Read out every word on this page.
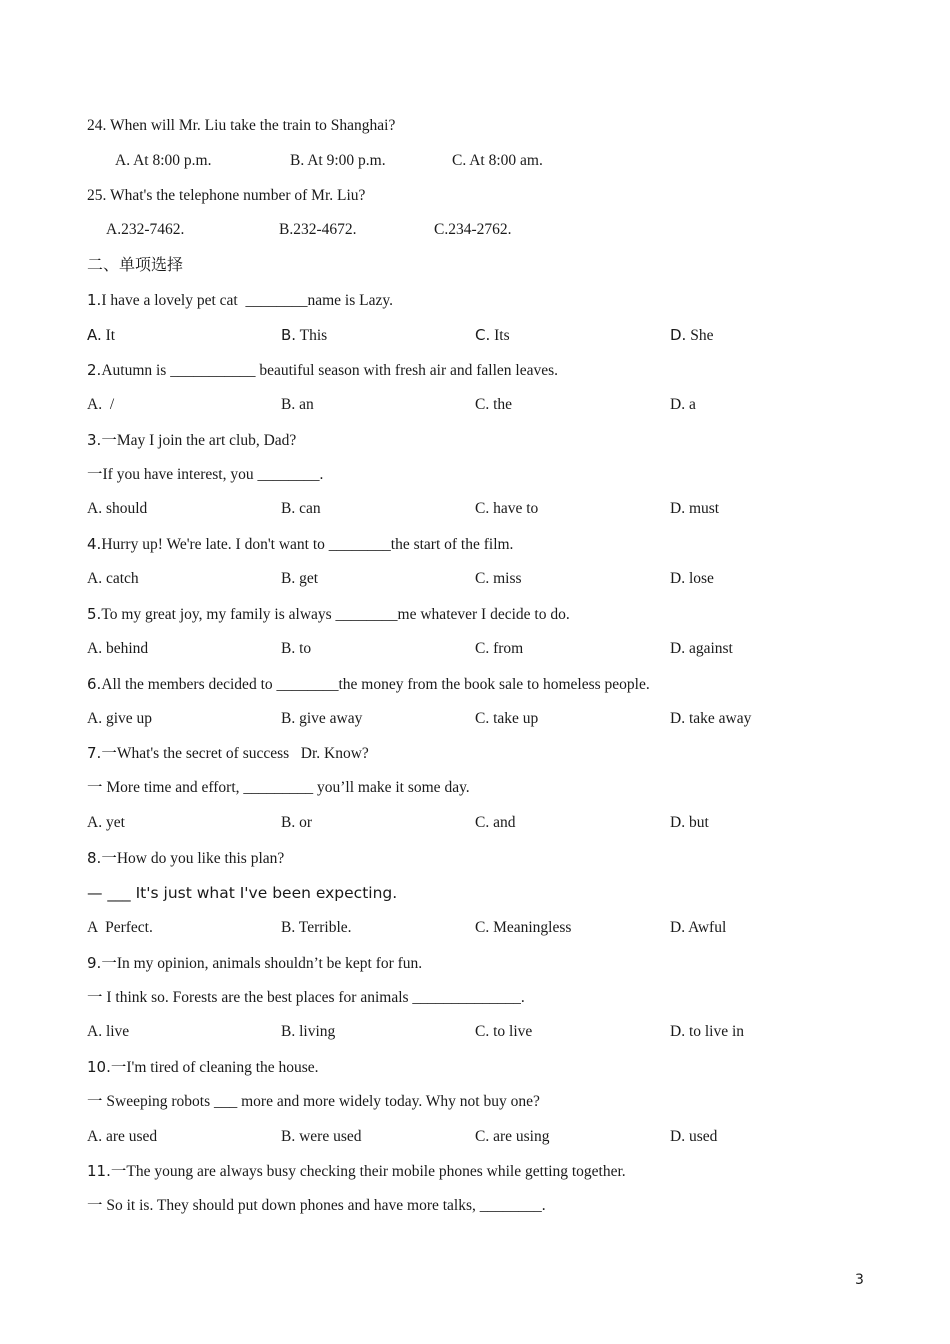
24. When will Mr. Liu take the train to Shanghai?
A. At 8:00 p.m.	B. At 9:00 p.m.	C. At 8:00 am.
25. What's the telephone number of Mr. Liu?
A.232-7462.	B.232-4672.	C.234-2762.
二、单项选择
1.I have a lovely pet cat  ________name is Lazy.
A. It	B. This	C. Its	D. She
2.Autumn is ___________ beautiful season with fresh air and fallen leaves.
A.  /	B. an	C. the	D. a
3.一May I join the art club, Dad?
一If you have interest, you ________.
A. should	B. can	C. have to	D. must
4.Hurry up! We're late. I don't want to ________the start of the film.
A. catch	B. get	C. miss	D. lose
5.To my great joy, my family is always ________me whatever I decide to do.
A. behind	B. to	C. from	D. against
6.All the members decided to ________the money from the book sale to homeless people.
A. give up	B. give away	C. take up	D. take away
7.一What's the secret of success   Dr. Know?
一 More time and effort, _________ you’ll make it some day.
A. yet	B. or	C. and	D. but
8.一How do you like this plan?
— ___ It's just what I've been expecting.
A  Perfect.	B. Terrible.	C. Meaningless	D. Awful
9.一In my opinion, animals shouldn’t be kept for fun.
一 I think so. Forests are the best places for animals ______________.
A. live	B. living	C. to live	D. to live in
10.一I'm tired of cleaning the house.
一 Sweeping robots ___ more and more widely today. Why not buy one?
A. are used	B. were used	C. are using	D. used
11.一The young are always busy checking their mobile phones while getting together.
一 So it is. They should put down phones and have more talks, ________.
3
